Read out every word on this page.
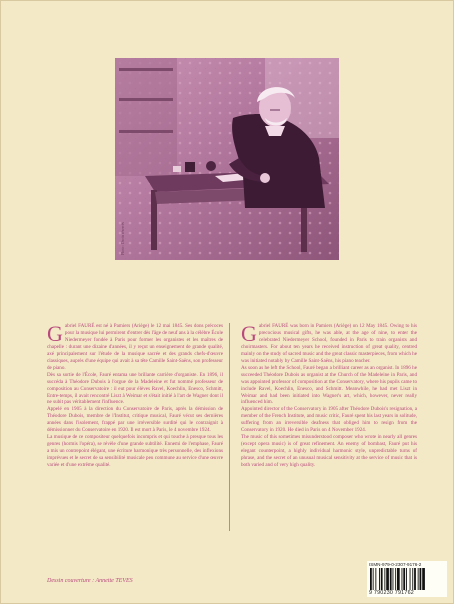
Photo : Droits réservés
G abriel FAURÉ est né à Pamiers (Ariège) le 12 mai 1845. Ses dons précoces pour la musique lui permirent d'entrer dès l'âge de neuf ans à la célèbre École Niedermeyer fondée à Paris pour former les organistes et les maîtres de chapelle : durant une dizaine d'années, il y reçut un enseignement de grande qualité, axé principalement sur l'étude de la musique sacrée et des grands chefs-d'œuvre classiques, auprès d'une équipe qui avait à sa tête Camille Saint-Saëns, son professeur de piano.

Dès sa sortie de l'École, Fauré entama une brillante carrière d'organiste. En 1896, il succéda à Théodore Dubois à l'orgue de la Madeleine et fut nommé professeur de composition au Conservatoire : il eut pour élèves Ravel, Koechlin, Enesco, Schmitt, Entre-temps, il avait rencontré Liszt à Weimar et s'était initié à l'art de Wagner dont il ne subit pas véritablement l'influence.

Appelé en 1905 à la direction du Conservatoire de Paris, après la démission de Théodore Dubois, membre de l'Institut, critique musical, Fauré vécut ses dernières années dans l'isolement, frappé par une irréversible surdité qui le contraignit à démissionner du Conservatoire en 1920. Il est mort à Paris, le 4 novembre 1924.

La musique de ce compositeur quelquefois incompris et qui touche à presque tous les genres (hormis l'opéra), se révèle d'une grande subtilité. Ennemi de l'emphase, Fauré a mis un contrepoint élégant, une écriture harmonique très personnelle, des inflexions imprévues et le secret de sa sensibilité musicale peu commune au service d'une œuvre variée et d'une extrême qualité.

G abriel FAURÉ was born in Pamiers (Ariège) on 12 May 1845. Owing to his precocious musical gifts, he was able, at the age of nine, to enter the celebrated Niedermeyer School, founded in Paris to train organists and choirmasters. For about ten years he received instruction of great quality, centred mainly on the study of sacred music and the great classic masterpieces, from which he was initiated notably by Camille Saint-Saëns, his piano teacher.

As soon as he left the School, Fauré began a brilliant career as an organist. In 1896 he succeeded Théodore Dubois as organist at the Church of the Madeleine in Paris, and was appointed professor of composition at the Conservatory, where his pupils came to include Ravel, Koechlin, Enesco, and Schmitt. Meanwhile, he had met Liszt in Weimar and had been initiated into Wagner's art, which, however, never really influenced him.

Appointed director of the Conservatory in 1905 after Théodore Dubois's resignation, a member of the French Institute, and music critic, Fauré spent his last years in solitude, suffering from an irreversible deafness that obliged him to resign from the Conservatory in 1920. He died in Paris on 4 November 1924.

The music of this sometimes misunderstood composer who wrote in nearly all genres (except opera music) is of great refinement. An enemy of bombast, Fauré put his elegant counterpoint, a highly individual harmonic style, unpredictable turns of phrase, and the secret of an unusual musical sensitivity at the service of music that is both varied and of very high quality.

Dessin couverture : Annette TEVES
ISMN-979-0-2307-9176-2
9 790230 791762
